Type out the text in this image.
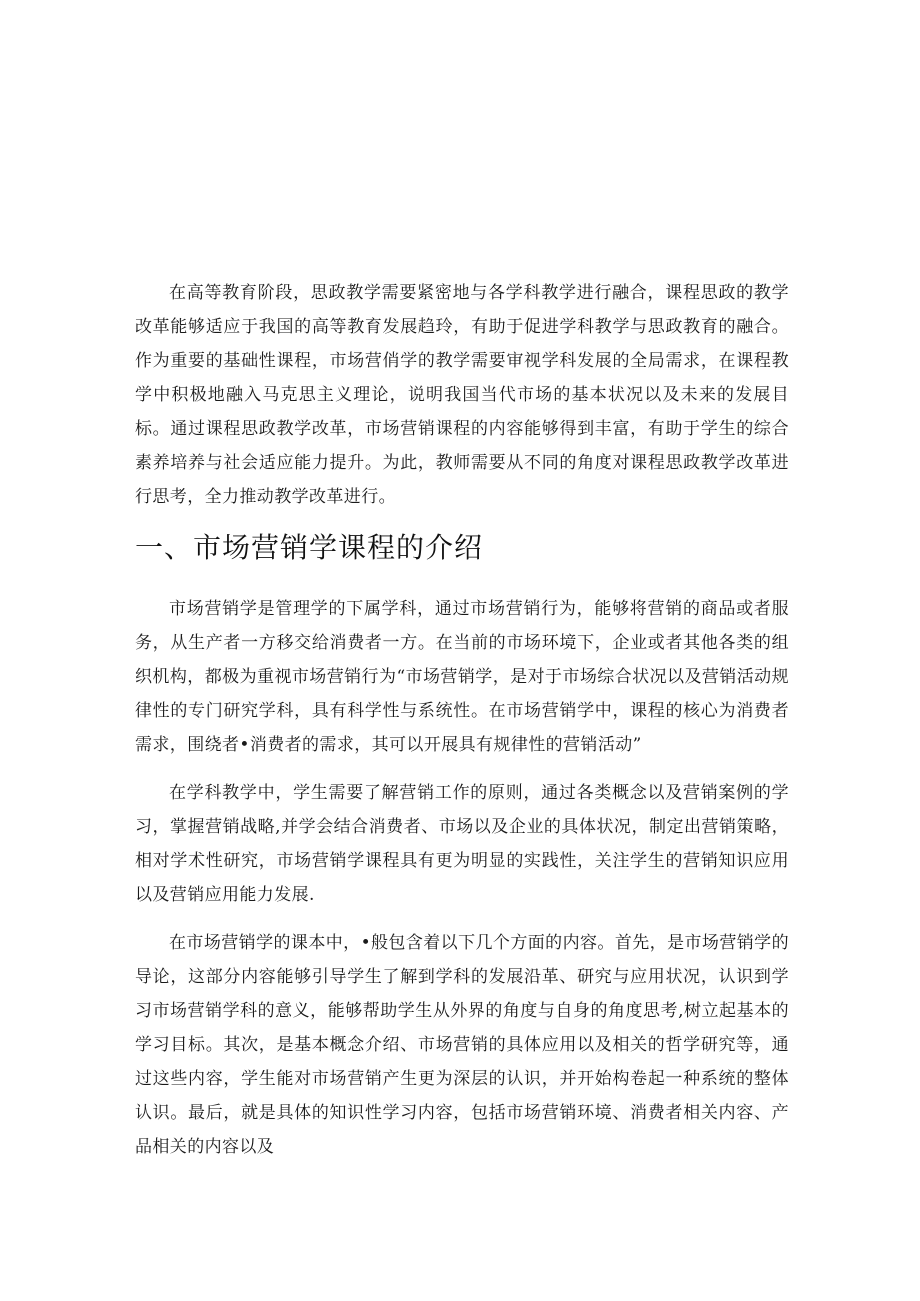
在高等教育阶段，思政教学需要紧密地与各学科教学进行融合，课程思政的教学改革能够适应于我国的高等教育发展趋玲，有助于促进学科教学与思政教育的融合。作为重要的基础性课程，市场营俏学的教学需要审视学科发展的全局需求，在课程教学中积极地融入马克思主义理论，说明我国当代市场的基本状况以及未来的发展目标。通过课程思政教学改革，市场营销课程的内容能够得到丰富，有助于学生的综合素养培养与社会适应能力提升。为此，教师需要从不同的角度对课程思政教学改革进行思考，全力推动教学改革进行。

一、市场营销学课程的介绍

市场营销学是管理学的下属学科，通过市场营销行为，能够将营销的商品或者服务，从生产者一方移交给消费者一方。在当前的市场环境下，企业或者其他各类的组织机构，都极为重视市场营销行为“市场营销学，是对于市场综合状况以及营销活动规律性的专门研究学科，具有科学性与系统性。在市场营销学中，课程的核心为消费者需求，围绕者•消费者的需求，其可以开展具有规律性的营销活动”

在学科教学中，学生需要了解营销工作的原则，通过各类概念以及营销案例的学习，掌握营销战略,并学会结合消费者、市场以及企业的具体状况，制定出营销策略，相对学术性研究，市场营销学课程具有更为明显的实践性，关注学生的营销知识应用以及营销应用能力发展.

在市场营销学的课本中，•般包含着以下几个方面的内容。首先，是市场营销学的导论，这部分内容能够引导学生了解到学科的发展沿革、研究与应用状况，认识到学习市场营销学科的意义，能够帮助学生从外界的角度与自身的角度思考,树立起基本的学习目标。其次，是基本概念介绍、市场营销的具体应用以及相关的哲学研究等，通过这些内容，学生能对市场营销产生更为深层的认识，并开始构卷起一种系统的整体认识。最后，就是具体的知识性学习内容，包括市场营销环境、消费者相关内容、产品相关的内容以及
